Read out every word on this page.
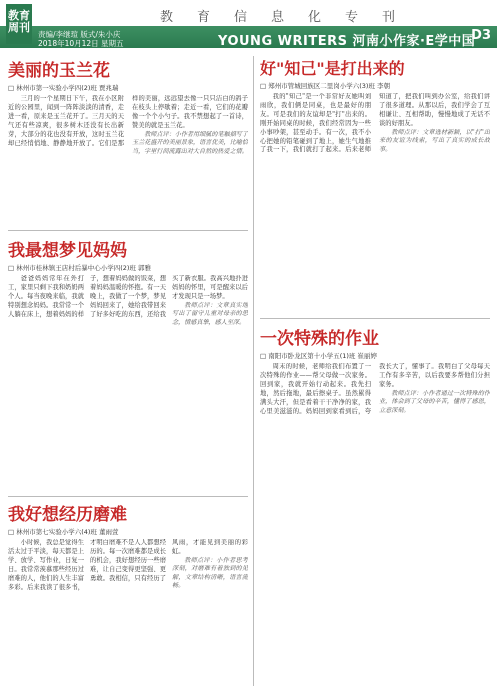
教育信息化专刊
教育周刊
责编/李继瑄 版式/朱小庆
2018年10月12日 星期五	YOUNG WRITERS 河南小作家·E学中国
D3
美丽的玉兰花
□ 林州市第一实验小学四(2)班 贾兆瑞

三月的一个星期日下午，我在小区附近的公园里，闻到一阵阵淡淡的清香，走进一看，原来是玉兰花开了。三月天的天气还有些凉爽，很多树木还没有长出新芽，大部分的花也没有开放，这时玉兰花却已经悄悄地、静静地开放了。它们是那样的美丽，远远望去像一只只洁白的鸽子在枝头上停歇着；走近一看，它们的花瓣像一个个小勺子。我不禁想起了一首诗，赞美的就是玉兰花。

教师点评：小作者用细腻的笔触描写了玉兰花盛开的美丽景象，语言优美，比喻恰当，字里行间流露出对大自然的热爱之情。

我最想梦见妈妈
□ 林州市桂林镇王店村后暴中心小学四(2)班 郭雅

爸爸妈妈常年在外打工，家里只剩下我和奶奶两个人。每当夜晚来临，我就特别想念妈妈。我常常一个人躺在床上，想着妈妈的样子，想着妈妈做的饭菜，想着妈妈温暖的怀抱。有一天晚上，我做了一个梦，梦见妈妈回来了，她给我带回来了好多好吃的东西，还给我买了新衣服。我高兴地扑进妈妈的怀里，可是醒来以后才发现只是一场梦。

教师点评：文章真实地写出了留守儿童对母亲的思念，情感真挚，感人至深。

我好想经历磨难
□ 林州市第七实验小学六(4)班 董雨萱

小时候，我总是觉得生活太过于平淡，每天都是上学、放学、写作业，日复一日。我常常羡慕那些经历过磨难的人，他们的人生丰富多彩。后来我读了很多书，才明白磨难不是人人都想经历的。每一次磨难都是成长的机会，我好想经历一些磨难，让自己变得更坚强、更勇敢。我相信，只有经历了风雨，才能见到美丽的彩虹。

教师点评：小作者思考深刻，对磨难有着独到的见解，文章结构清晰，语言流畅。

好"知己"是打出来的
□ 郑州市管城回族区二里岗小学六(3)班 李朝

我的"知己"是一个非常好友她叫刘雨欣，我们俩是同桌，也是最好的朋友。可是我们的友谊却是"打"出来的。刚开始同桌的时候，我们经常因为一些小事吵架，甚至动手。有一次，我不小心把她的铅笔碰到了地上，她生气地推了我一下，我们就打了起来。后来老师知道了，把我们叫到办公室，给我们讲了很多道理。从那以后，我们学会了互相谦让、互相帮助，慢慢地成了无话不谈的好朋友。

教师点评：文章选材新颖，以"打"出来的友谊为线索，写出了真实的成长故事。

一次特殊的作业
□ 南阳市卧龙区第十小学五(1)班 崔丽婷

周末的时候，老师给我们布置了一次特殊的作业——帮父母做一次家务。回到家，我就开始行动起来。我先扫地，然后拖地，最后擦桌子。虽然累得满头大汗，但是看着干干净净的家，我心里美滋滋的。妈妈回到家看到后，夸我长大了，懂事了。我明白了父母每天工作有多辛苦，以后我要多帮他们分担家务。

教师点评：小作者通过一次特殊的作业，体会到了父母的辛苦，懂得了感恩，立意深刻。
